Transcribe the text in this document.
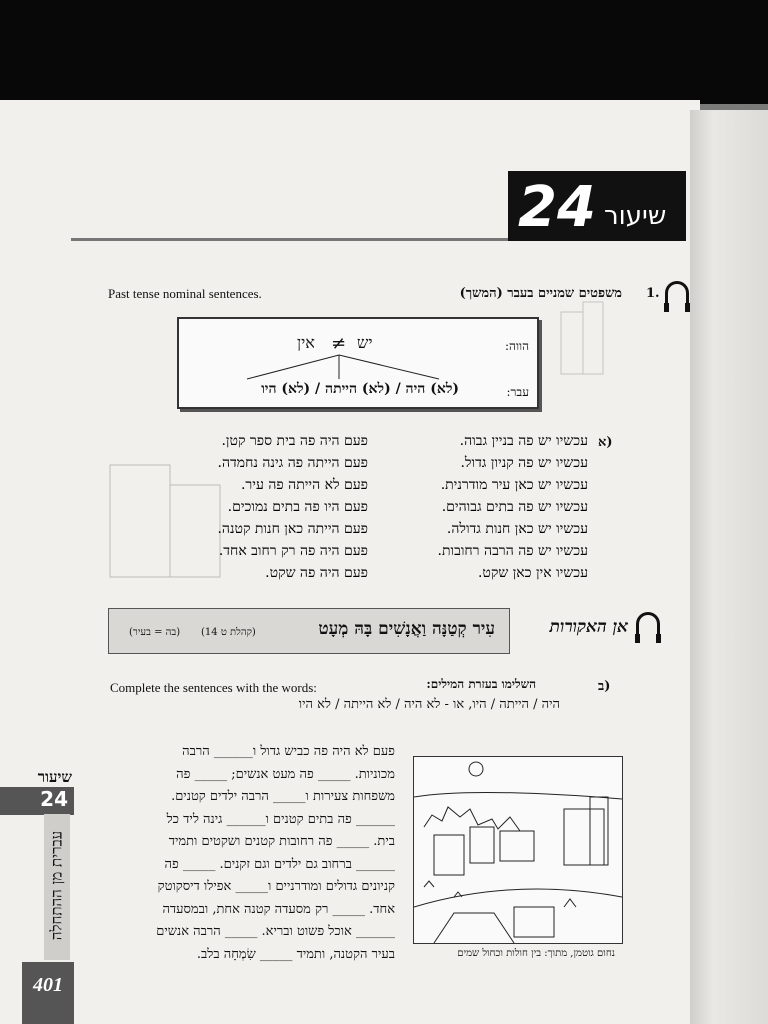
24 שיעור
1.
משפטים שמניים בעבר (המשך)
Past tense nominal sentences.
הווה:
יש
≠
אין
עבר:
(לא) היה / (לא) הייתה / (לא) היו
א)
עכשיו יש פה בניין גבוה.
עכשיו יש פה קניון גדול.
עכשיו יש כאן עיר מודרנית.
עכשיו יש פה בתים גבוהים.
עכשיו יש כאן חנות גדולה.
עכשיו יש פה הרבה רחובות.
עכשיו אין כאן שקט.
פעם היה פה בית ספר קטן.
פעם הייתה פה גינה נחמדה.
פעם לא הייתה פה עיר.
פעם היו פה בתים נמוכים.
פעם הייתה כאן חנות קטנה.
פעם היה פה רק רחוב אחד.
פעם היה פה שקט.
אן האקורות
עִיר קְטַנָּה וַאֲנָשִׁים בָּהּ מְעָט
(קהלת ט 14)
(בה = בעיר)
ב)
השלימו בעזרת המילים:
Complete the sentences with the words:
היה / הייתה / היו, או - לא היה / לא הייתה / לא היו
פעם לא היה פה כביש גדול ו______ הרבה
מכוניות. _____ פה מעט אנשים; _____ פה
משפחות צעירות ו_____ הרבה ילדים קטנים.
______ פה בתים קטנים ו______ גינה ליד כל
בית. _____ פה רחובות קטנים ושקטים ותמיד
______ ברחוב גם ילדים וגם זקנים. _____ פה
קניונים גדולים ומודרניים ו_____ אפילו דיסקוטק
אחד. _____ רק מסעדה קטנה אחת, ובמסעדה
______ אוכל פשוט ובריא. _____ הרבה אנשים
בעיר הקטנה, ותמיד _____ שִׂמְחָה בלב.	נחום גוטמן, מתוך: בין חולות וכחול שמים
שיעור
24
עברית מן ההתחלה
401
